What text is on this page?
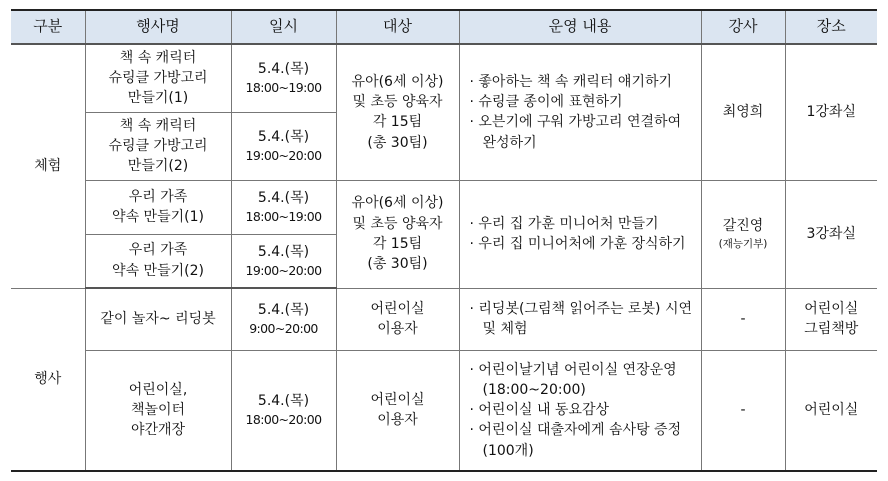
구분	행사명	일시	대상	운영 내용	강사	장소
체험	책 속 캐릭터
슈링클 가방고리
만들기(1)	5.4.(목)
18:00~19:00	유아(6세 이상)
및 초등 양육자
각 15팀
(총 30팀)	· 좋아하는 책 속 캐릭터 얘기하기
· 슈링클 종이에 표현하기
· 오븐기에 구워 가방고리 연결하여 완성하기	최영희	1강좌실

	책 속 캐릭터
슈링클 가방고리
만들기(2)	5.4.(목)
19:00~20:00				

	우리 가족
약속 만들기(1)	5.4.(목)
18:00~19:00	유아(6세 이상)
및 초등 양육자
각 15팀
(총 30팀)	· 우리 집 가훈 미니어처 만들기
· 우리 집 미니어처에 가훈 장식하기	갈진영
(재능기부)	3강좌실

	우리 가족
약속 만들기(2)	5.4.(목)
19:00~20:00				

행사	같이 놀자~ 리딩봇	5.4.(목)
9:00~20:00	어린이실
이용자	· 리딩봇(그림책 읽어주는 로봇) 시연 및 체험	-	어린이실
그림책방

	어린이실,
책놀이터
야간개장	5.4.(목)
18:00~20:00	어린이실
이용자	· 어린이날기념 어린이실 연장운영(18:00~20:00)
· 어린이실 내 동요감상
· 어린이실 대출자에게 솜사탕 증정(100개)	-	어린이실
